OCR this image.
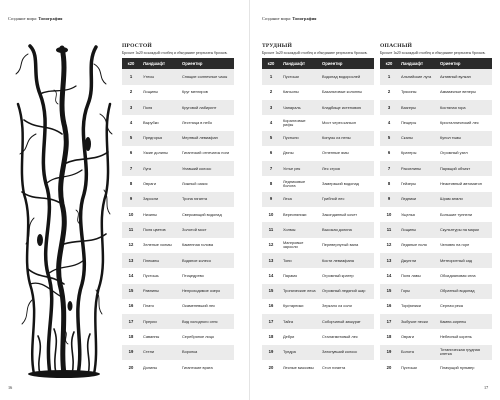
Создание мира: Топография	Создание мира: Топография
ПРОСТОЙ
Бросьте 1к20 за каждый столбец и объедините результаты бросков.
к20	Ландшафт	Ориентир
1	Утесы	Спящие солнечные часы
2	Лощины	Круг менгиров
3	Поля	Круговой лабиринт
4	Вырубки	Лестница в небо
5	Предгорья	Мертвый левиафан
6	Узкие долины	Гигантский отпечаток ноги
7	Луга	Упавший колосс
8	Овраги	Ложный оазис
9	Заросли	Тропа гиганта
10	Низины	Сверкающий водопад
11	Поля цветов	Золотой мост
12	Зеленые холмы	Каменная голова
13	Плеканы	Водяное колесо
14	Пустошь	Птицедрево
15	Равнины	Непроходимое озеро
16	Плато	Окаменевший лес
17	Прерии	Вид холодного огня
18	Саванны	Серебряное лицо
19	Степи	Воронка
20	Долины	Гигантские врата
ТРУДНЫЙ
Бросьте 1к20 за каждый столбец и объедините результаты бросков.
к20	Ландшафт	Ориентир
1	Пустоши	Водопад водорослей
2	Каньоны	Базальтовые колонны
3	Чапараль	Кладбище истеновою
4	Коралловые рифы	Мост через каньон
5	Пустыни	Конусы из пены
6	Дюны	Огненные ямы
7	Устье рек	Лес строя
8	Ледниковые болота	Замерзший водопад
9	Леса	Грибной лес
10	Вересняники	Законданный кочет
11	Холмы	Высокая долина
12	Мангровые заросли	Перевернутый вала
13	Топи	Кости левиафана
14	Парамо	Огромный кратер
15	Тропические леса	Огромный ледяной шар
16	Кустарники	Зеркало из соли
17	Тайга	Соборчатый зиккурат
18	Дебри	Сталагмитовый лес
19	Тундра	Затонувший колосс
20	Лесные массивы	Стол гиганта
ОПАСНЫЙ
Бросьте 1к20 за каждый столбец и объедините результаты бросков.
к20	Ландшафт	Ориентир
1	Альпийские луга	Активный вулкан
2	Трясины	Аммиачные венеры
3	Вазгеры	Костяная гора
4	Пещеры	Кристаллический лес
5	Скалы	Купол тьмы
6	Кратеры	Огромный узел
7	Расселины	Парящий объект
8	Гейзеры	Неактивный автоматон
9	Ледники	Шрам земли
10	Ущелья	Большие туннели
11	Лощины	Скульптуры на марки
12	Ледяные поля	Человек на горе
13	Джунгли	Метеоритный сад
14	Поля лавы	Обсидиановая игла
15	Горы	Обратный водопад
16	Торфяники	Серная река
17	Зыбучие пески	Камни-сирены
18	Овраги	Небесный корень
19	Болота	Титаническая грудная клетка
20	Пустоши	Плачущий пульвер
16	17
